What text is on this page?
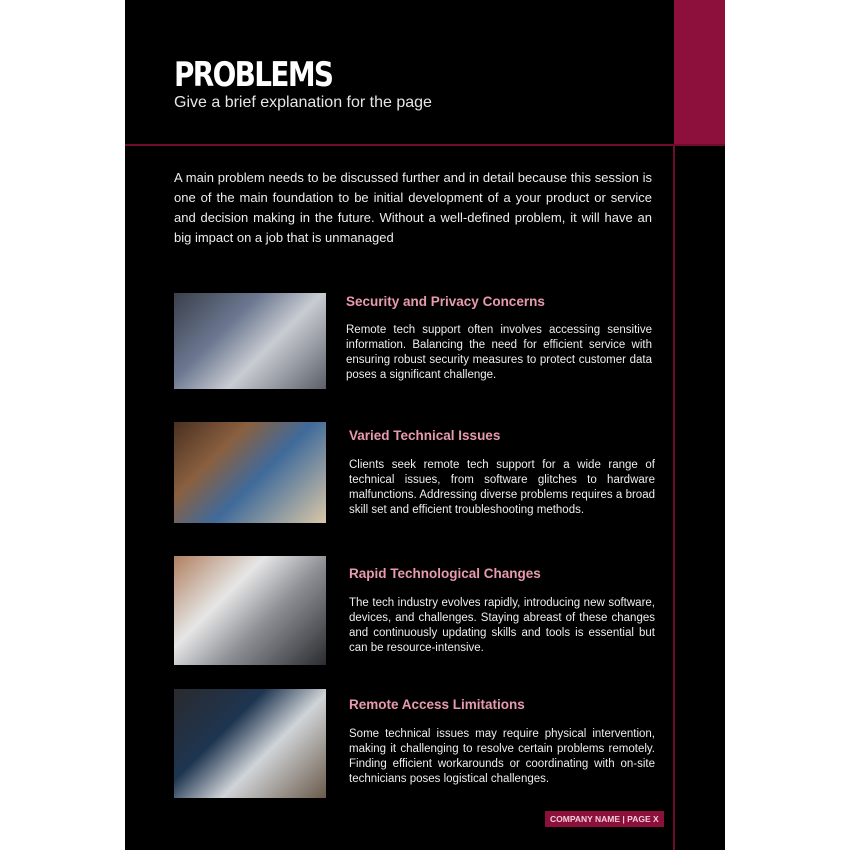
PROBLEMS
Give a brief explanation for the page
A main problem needs to be discussed further and in detail because this session is one of the main foundation to be initial development of a your product or service and decision making in the future. Without a well-defined problem, it will have an big impact on a job that is unmanaged
Security and Privacy Concerns

Remote tech support often involves accessing sensitive information. Balancing the need for efficient service with ensuring robust security measures to protect customer data poses a significant challenge.

Varied Technical Issues

Clients seek remote tech support for a wide range of technical issues, from software glitches to hardware malfunctions. Addressing diverse problems requires a broad skill set and efficient troubleshooting methods.

Rapid Technological Changes

The tech industry evolves rapidly, introducing new software, devices, and challenges. Staying abreast of these changes and continuously updating skills and tools is essential but can be resource-intensive.

Remote Access Limitations

Some technical issues may require physical intervention, making it challenging to resolve certain problems remotely. Finding efficient workarounds or coordinating with on-site technicians poses logistical challenges.

COMPANY NAME | PAGE X
